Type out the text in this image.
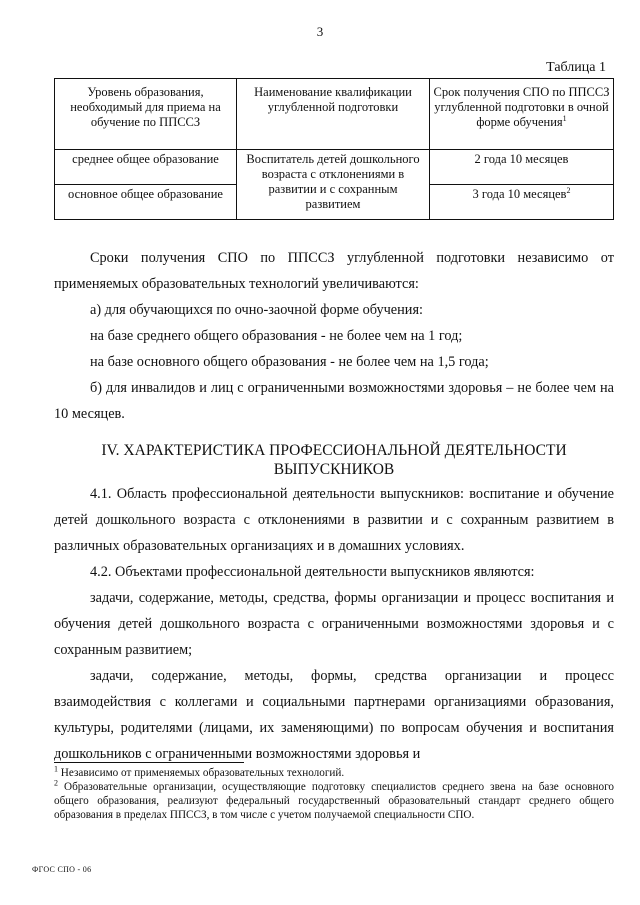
3
Таблица 1
Уровень образования, необходимый для приема на обучение по ППССЗ	Наименование квалификации углубленной подготовки	Срок получения СПО по ППССЗ углубленной подготовки в очной форме обучения$^1$
среднее общее образование	Воспитатель детей дошкольного возраста с отклонениями в развитии и с сохранным развитием	2 года 10 месяцев
основное общее образование		3 года 10 месяцев$^2$

Сроки получения СПО по ППССЗ углубленной подготовки независимо от применяемых образовательных технологий увеличиваются:

а) для обучающихся по очно-заочной форме обучения:

на базе среднего общего образования - не более чем на 1 год;

на базе основного общего образования - не более чем на 1,5 года;

б) для инвалидов и лиц с ограниченными возможностями здоровья – не более чем на 10 месяцев.

IV. ХАРАКТЕРИСТИКА ПРОФЕССИОНАЛЬНОЙ ДЕЯТЕЛЬНОСТИ ВЫПУСКНИКОВ

4.1. Область профессиональной деятельности выпускников: воспитание и обучение детей дошкольного возраста с отклонениями в развитии и с сохранным развитием в различных образовательных организациях и в домашних условиях.

4.2. Объектами профессиональной деятельности выпускников являются:

задачи, содержание, методы, средства, формы организации и процесс воспитания и обучения детей дошкольного возраста с ограниченными возможностями здоровья и с сохранным развитием;

задачи, содержание, методы, формы, средства организации и процесс взаимодействия с коллегами и социальными партнерами организациями образования, культуры, родителями (лицами, их заменяющими) по вопросам обучения и воспитания дошкольников с ограниченными возможностями здоровья и

$^1$ Независимо от применяемых образовательных технологий.

$^2$ Образовательные организации, осуществляющие подготовку специалистов среднего звена на базе основного общего образования, реализуют федеральный государственный образовательный стандарт среднего общего образования в пределах ППССЗ, в том числе с учетом получаемой специальности СПО.

ФГОС СПО - 06
